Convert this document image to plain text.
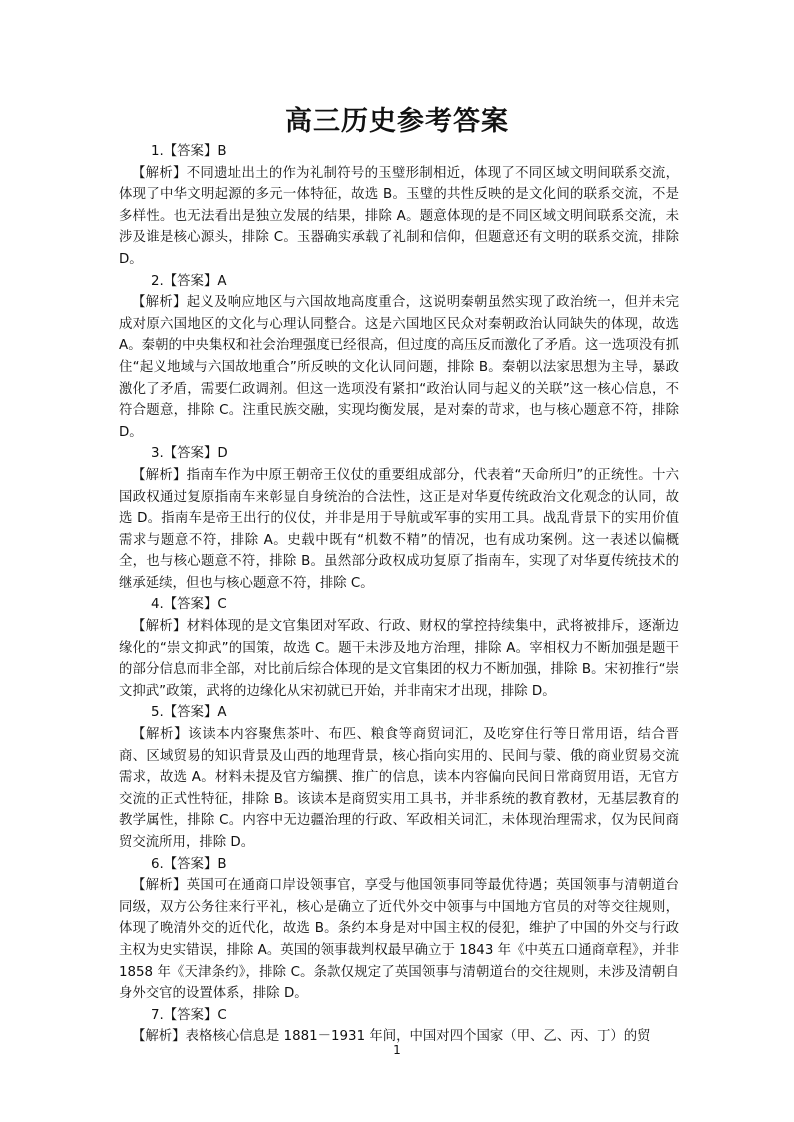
高三历史参考答案

1.【答案】B

【解析】不同遗址出土的作为礼制符号的玉璧形制相近，体现了不同区域文明间联系交流，体现了中华文明起源的多元一体特征，故选 B。玉璧的共性反映的是文化间的联系交流，不是多样性。也无法看出是独立发展的结果，排除 A。题意体现的是不同区域文明间联系交流，未涉及谁是核心源头，排除 C。玉器确实承载了礼制和信仰，但题意还有文明的联系交流，排除 D。

2.【答案】A

【解析】起义及响应地区与六国故地高度重合，这说明秦朝虽然实现了政治统一，但并未完成对原六国地区的文化与心理认同整合。这是六国地区民众对秦朝政治认同缺失的体现，故选 A。秦朝的中央集权和社会治理强度已经很高，但过度的高压反而激化了矛盾。这一选项没有抓住“起义地域与六国故地重合”所反映的文化认同问题，排除 B。秦朝以法家思想为主导，暴政激化了矛盾，需要仁政调剂。但这一选项没有紧扣“政治认同与起义的关联”这一核心信息，不符合题意，排除 C。注重民族交融，实现均衡发展，是对秦的苛求，也与核心题意不符，排除 D。

3.【答案】D

【解析】指南车作为中原王朝帝王仪仗的重要组成部分，代表着“天命所归”的正统性。十六国政权通过复原指南车来彰显自身统治的合法性，这正是对华夏传统政治文化观念的认同，故选 D。指南车是帝王出行的仪仗，并非是用于导航或军事的实用工具。战乱背景下的实用价值需求与题意不符，排除 A。史载中既有“机数不精”的情况，也有成功案例。这一表述以偏概全，也与核心题意不符，排除 B。虽然部分政权成功复原了指南车，实现了对华夏传统技术的继承延续，但也与核心题意不符，排除 C。

4.【答案】C

【解析】材料体现的是文官集团对军政、行政、财权的掌控持续集中，武将被排斥，逐渐边缘化的“崇文抑武”的国策，故选 C。题干未涉及地方治理，排除 A。宰相权力不断加强是题干的部分信息而非全部，对比前后综合体现的是文官集团的权力不断加强，排除 B。宋初推行“崇文抑武”政策，武将的边缘化从宋初就已开始，并非南宋才出现，排除 D。

5.【答案】A

【解析】该读本内容聚焦茶叶、布匹、粮食等商贸词汇，及吃穿住行等日常用语，结合晋商、区域贸易的知识背景及山西的地理背景，核心指向实用的、民间与蒙、俄的商业贸易交流需求，故选 A。材料未提及官方编撰、推广的信息，读本内容偏向民间日常商贸用语，无官方交流的正式性特征，排除 B。该读本是商贸实用工具书，并非系统的教育教材，无基层教育的教学属性，排除 C。内容中无边疆治理的行政、军政相关词汇，未体现治理需求，仅为民间商贸交流所用，排除 D。

6.【答案】B

【解析】英国可在通商口岸设领事官，享受与他国领事同等最优待遇；英国领事与清朝道台同级，双方公务往来行平礼，核心是确立了近代外交中领事与中国地方官员的对等交往规则，体现了晚清外交的近代化，故选 B。条约本身是对中国主权的侵犯，维护了中国的外交与行政主权为史实错误，排除 A。英国的领事裁判权最早确立于 1843 年《中英五口通商章程》，并非 1858 年《天津条约》，排除 C。条款仅规定了英国领事与清朝道台的交往规则，未涉及清朝自身外交官的设置体系，排除 D。

7.【答案】C

【解析】表格核心信息是 1881－1931 年间，中国对四个国家（甲、乙、丙、丁）的贸

1
